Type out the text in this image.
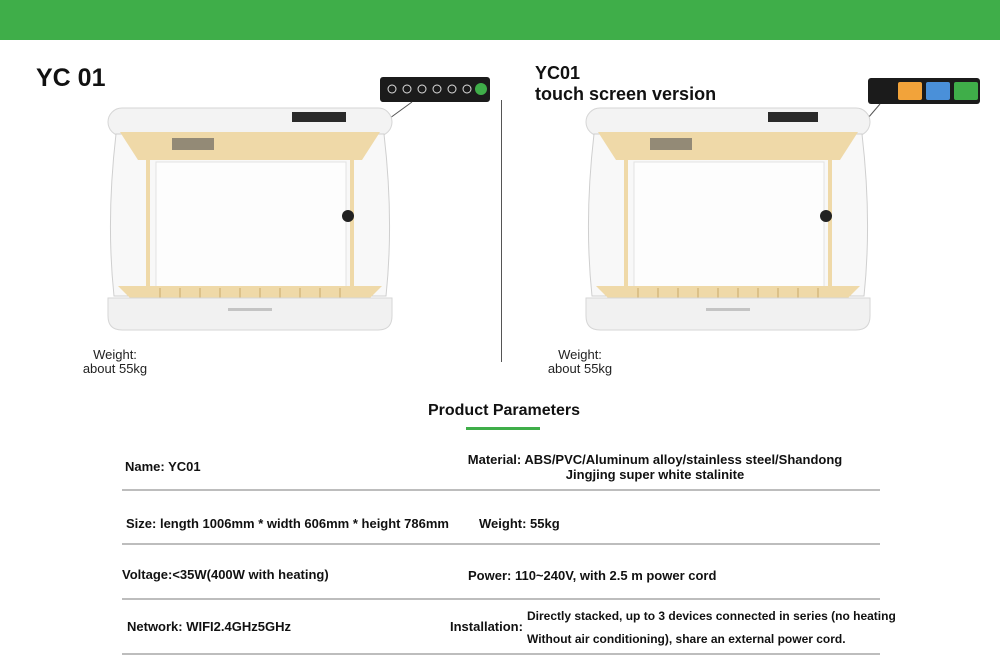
YC 01	YC01
touch screen version
Weight:
about 55kg
Weight:
about 55kg
Product Parameters
Name: YC01	Material: ABS/PVC/Aluminum alloy/stainless steel/Shandong
Jingjing super white stalinite
Size: length 1006mm * width 606mm * height 786mm Weight: 55kg
Voltage:<35W(400W with heating)	Power: 110~240V, with 2.5 m power cord
Network: WIFI2.4GHz5GHz	Installation:
Directly stacked, up to 3 devices connected in series (no heating
Without air conditioning), share an external power cord.
